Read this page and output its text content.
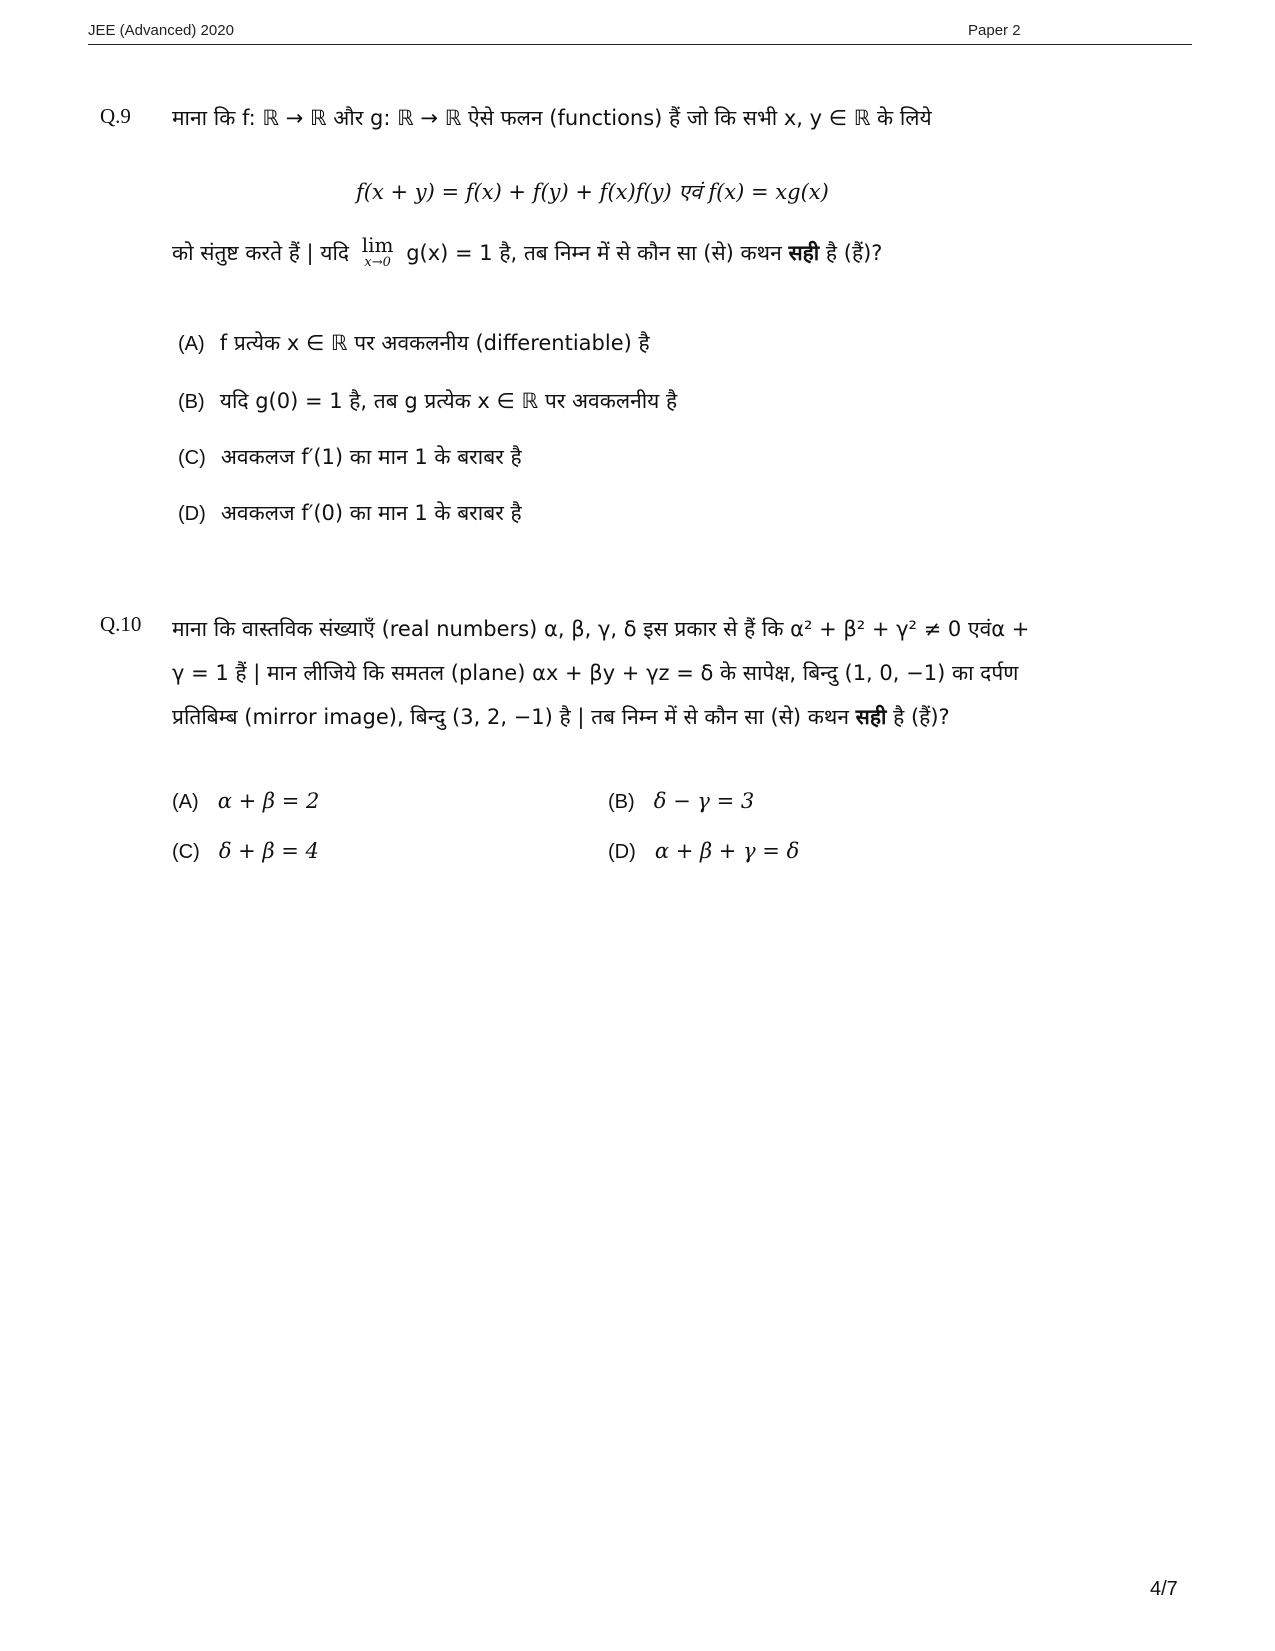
JEE (Advanced) 2020	Paper 2
Q.9 माना कि f: ℝ → ℝ और g: ℝ → ℝ ऐसे फलन (functions) हैं जो कि सभी x, y ∈ ℝ के लिये
f(x + y) = f(x) + f(y) + f(x)f(y) एवं f(x) = xg(x)
को संतुष्ट करते हैं | यदि lim
x→0 g(x) = 1 है, तब निम्न में से कौन सा (से) कथन सही है (हैं)?
(A) f प्रत्येक x ∈ ℝ पर अवकलनीय (differentiable) है
(B) यदि g(0) = 1 है, तब g प्रत्येक x ∈ ℝ पर अवकलनीय है
(C) अवकलज f′(1) का मान 1 के बराबर है
(D) अवकलज f′(0) का मान 1 के बराबर है
Q.10 माना कि वास्तविक संख्याएँ (real numbers) α, β, γ, δ इस प्रकार से हैं कि α² + β² + γ² ≠ 0 एवंα +
γ = 1 हैं | मान लीजिये कि समतल (plane) αx + βy + γz = δ के सापेक्ष, बिन्दु (1, 0, −1) का दर्पण
प्रतिबिम्ब (mirror image), बिन्दु (3, 2, −1) है | तब निम्न में से कौन सा (से) कथन सही है (हैं)?
(A) α + β = 2	(B) δ − γ = 3
(C) δ + β = 4	(D) α + β + γ = δ
4/7
